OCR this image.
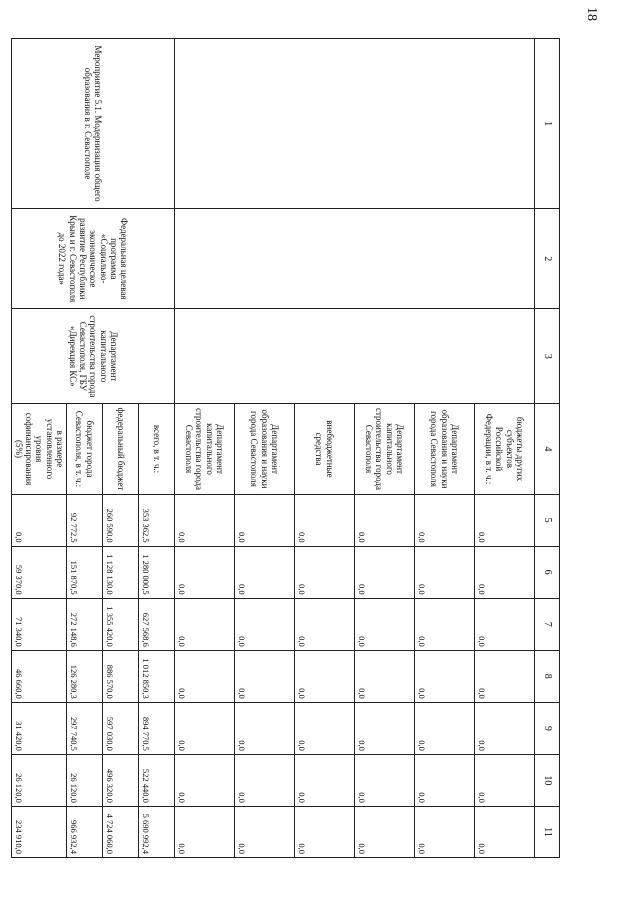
18
1	2	3	4	5	6	7	8	9	10	11
			бюджеты других субъектов Российской Федерации, в т. ч.:	0,0	0,0	0,0	0,0	0,0	0,0	0,0
			Департамент образования и науки города Севастополя	0,0	0,0	0,0	0,0	0,0	0,0	0,0
			Департамент капитального строительства города Севастополя	0,0	0,0	0,0	0,0	0,0	0,0	0,0
			внебюджетные средства	0,0	0,0	0,0	0,0	0,0	0,0	0,0
			Департамент образования и науки города Севастополя	0,0	0,0	0,0	0,0	0,0	0,0	0,0
			Департамент капитального строительства города Севастополя	0,0	0,0	0,0	0,0	0,0	0,0	0,0
Мероприятие 5.1. Модернизация общего образования в г. Севастополе	Федеральная целевая программа «Социально-экономическое развитие Республики Крым и г. Севастополя до 2022 года»	Департамент капитального строительства города Севастополя, ГБУ «Дирекция КС»	всего, в т. ч.:	353 362,5	1 280 000,5	627 568,6	1 012 850,3	894 770,5	522 440,0	5 690 992,4
			федеральный бюджет	260 590,0	1 128 130,0	1 355 420,0	886 570,0	597 030,0	496 320,0	4 724 060,0
			бюджет города Севастополя, в т. ч.:	92 772,5	151 870,5	272 148,6	126 280,3	297 740,5	26 120,0	966 932,4
			в размере установленного уровня софинансирования (5%)	0,0	59 370,0	71 340,0	46 660,0	31 420,0	26 120,0	234 910,0
